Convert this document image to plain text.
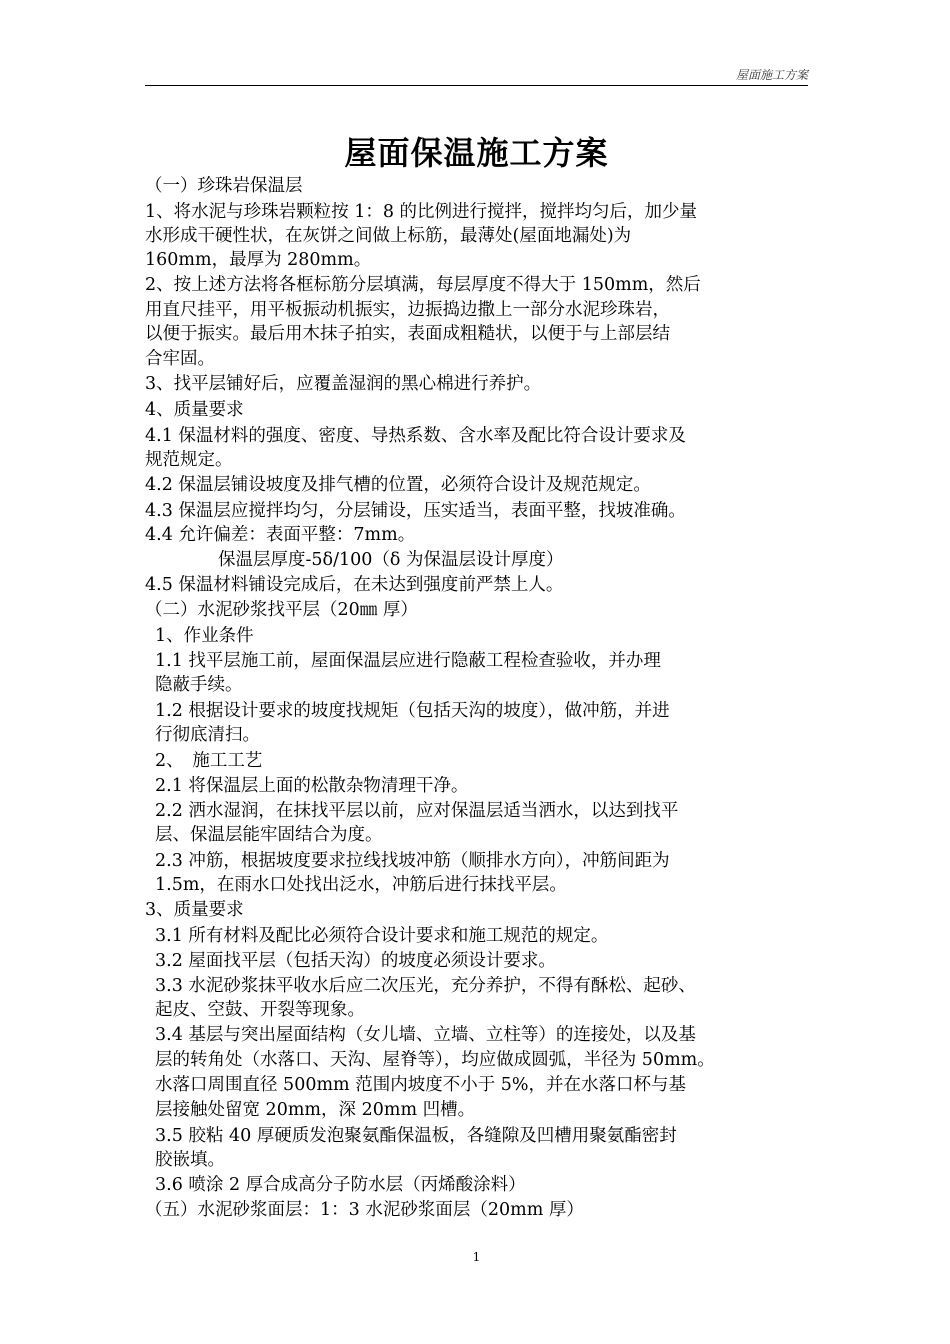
屋面施工方案
屋面保温施工方案
（一）珍珠岩保温层
1、将水泥与珍珠岩颗粒按 1：8 的比例进行搅拌，搅拌均匀后，加少量
水形成干硬性状，在灰饼之间做上标筋，最薄处(屋面地漏处)为
160mm，最厚为 280mm。
2、按上述方法将各框标筋分层填满，每层厚度不得大于 150mm，然后
用直尺挂平，用平板振动机振实，边振捣边撒上一部分水泥珍珠岩，
以便于振实。最后用木抹子拍实，表面成粗糙状，以便于与上部层结
合牢固。
3、找平层铺好后，应覆盖湿润的黑心棉进行养护。
4、质量要求
4.1 保温材料的强度、密度、导热系数、含水率及配比符合设计要求及
规范规定。
4.2 保温层铺设坡度及排气槽的位置，必须符合设计及规范规定。
4.3 保温层应搅拌均匀，分层铺设，压实适当，表面平整，找坡准确。
4.4 允许偏差：表面平整：7mm。
保温层厚度-5δ/100（δ 为保温层设计厚度）
4.5 保温材料铺设完成后，在未达到强度前严禁上人。
（二）水泥砂浆找平层（20㎜ 厚）
1、作业条件
1.1 找平层施工前，屋面保温层应进行隐蔽工程检查验收，并办理
隐蔽手续。
1.2 根据设计要求的坡度找规矩（包括天沟的坡度），做冲筋，并进
行彻底清扫。
2、　施工工艺
2.1 将保温层上面的松散杂物清理干净。
2.2 洒水湿润，在抹找平层以前，应对保温层适当洒水，以达到找平
层、保温层能牢固结合为度。
2.3 冲筋，根据坡度要求拉线找坡冲筋（顺排水方向），冲筋间距为
1.5m，在雨水口处找出泛水，冲筋后进行抹找平层。
3、质量要求
3.1 所有材料及配比必须符合设计要求和施工规范的规定。
3.2 屋面找平层（包括天沟）的坡度必须设计要求。
3.3 水泥砂浆抹平收水后应二次压光，充分养护，不得有酥松、起砂、
起皮、空鼓、开裂等现象。
3.4 基层与突出屋面结构（女儿墙、立墙、立柱等）的连接处，以及基
层的转角处（水落口、天沟、屋脊等），均应做成圆弧，半径为 50mm。
水落口周围直径 500mm 范围内坡度不小于 5%，并在水落口杯与基
层接触处留宽 20mm，深 20mm 凹槽。
3.5 胶粘 40 厚硬质发泡聚氨酯保温板，各缝隙及凹槽用聚氨酯密封
胶嵌填。
3.6 喷涂 2 厚合成高分子防水层（丙烯酸涂料）
（五）水泥砂浆面层：1：3 水泥砂浆面层（20mm 厚）
1
